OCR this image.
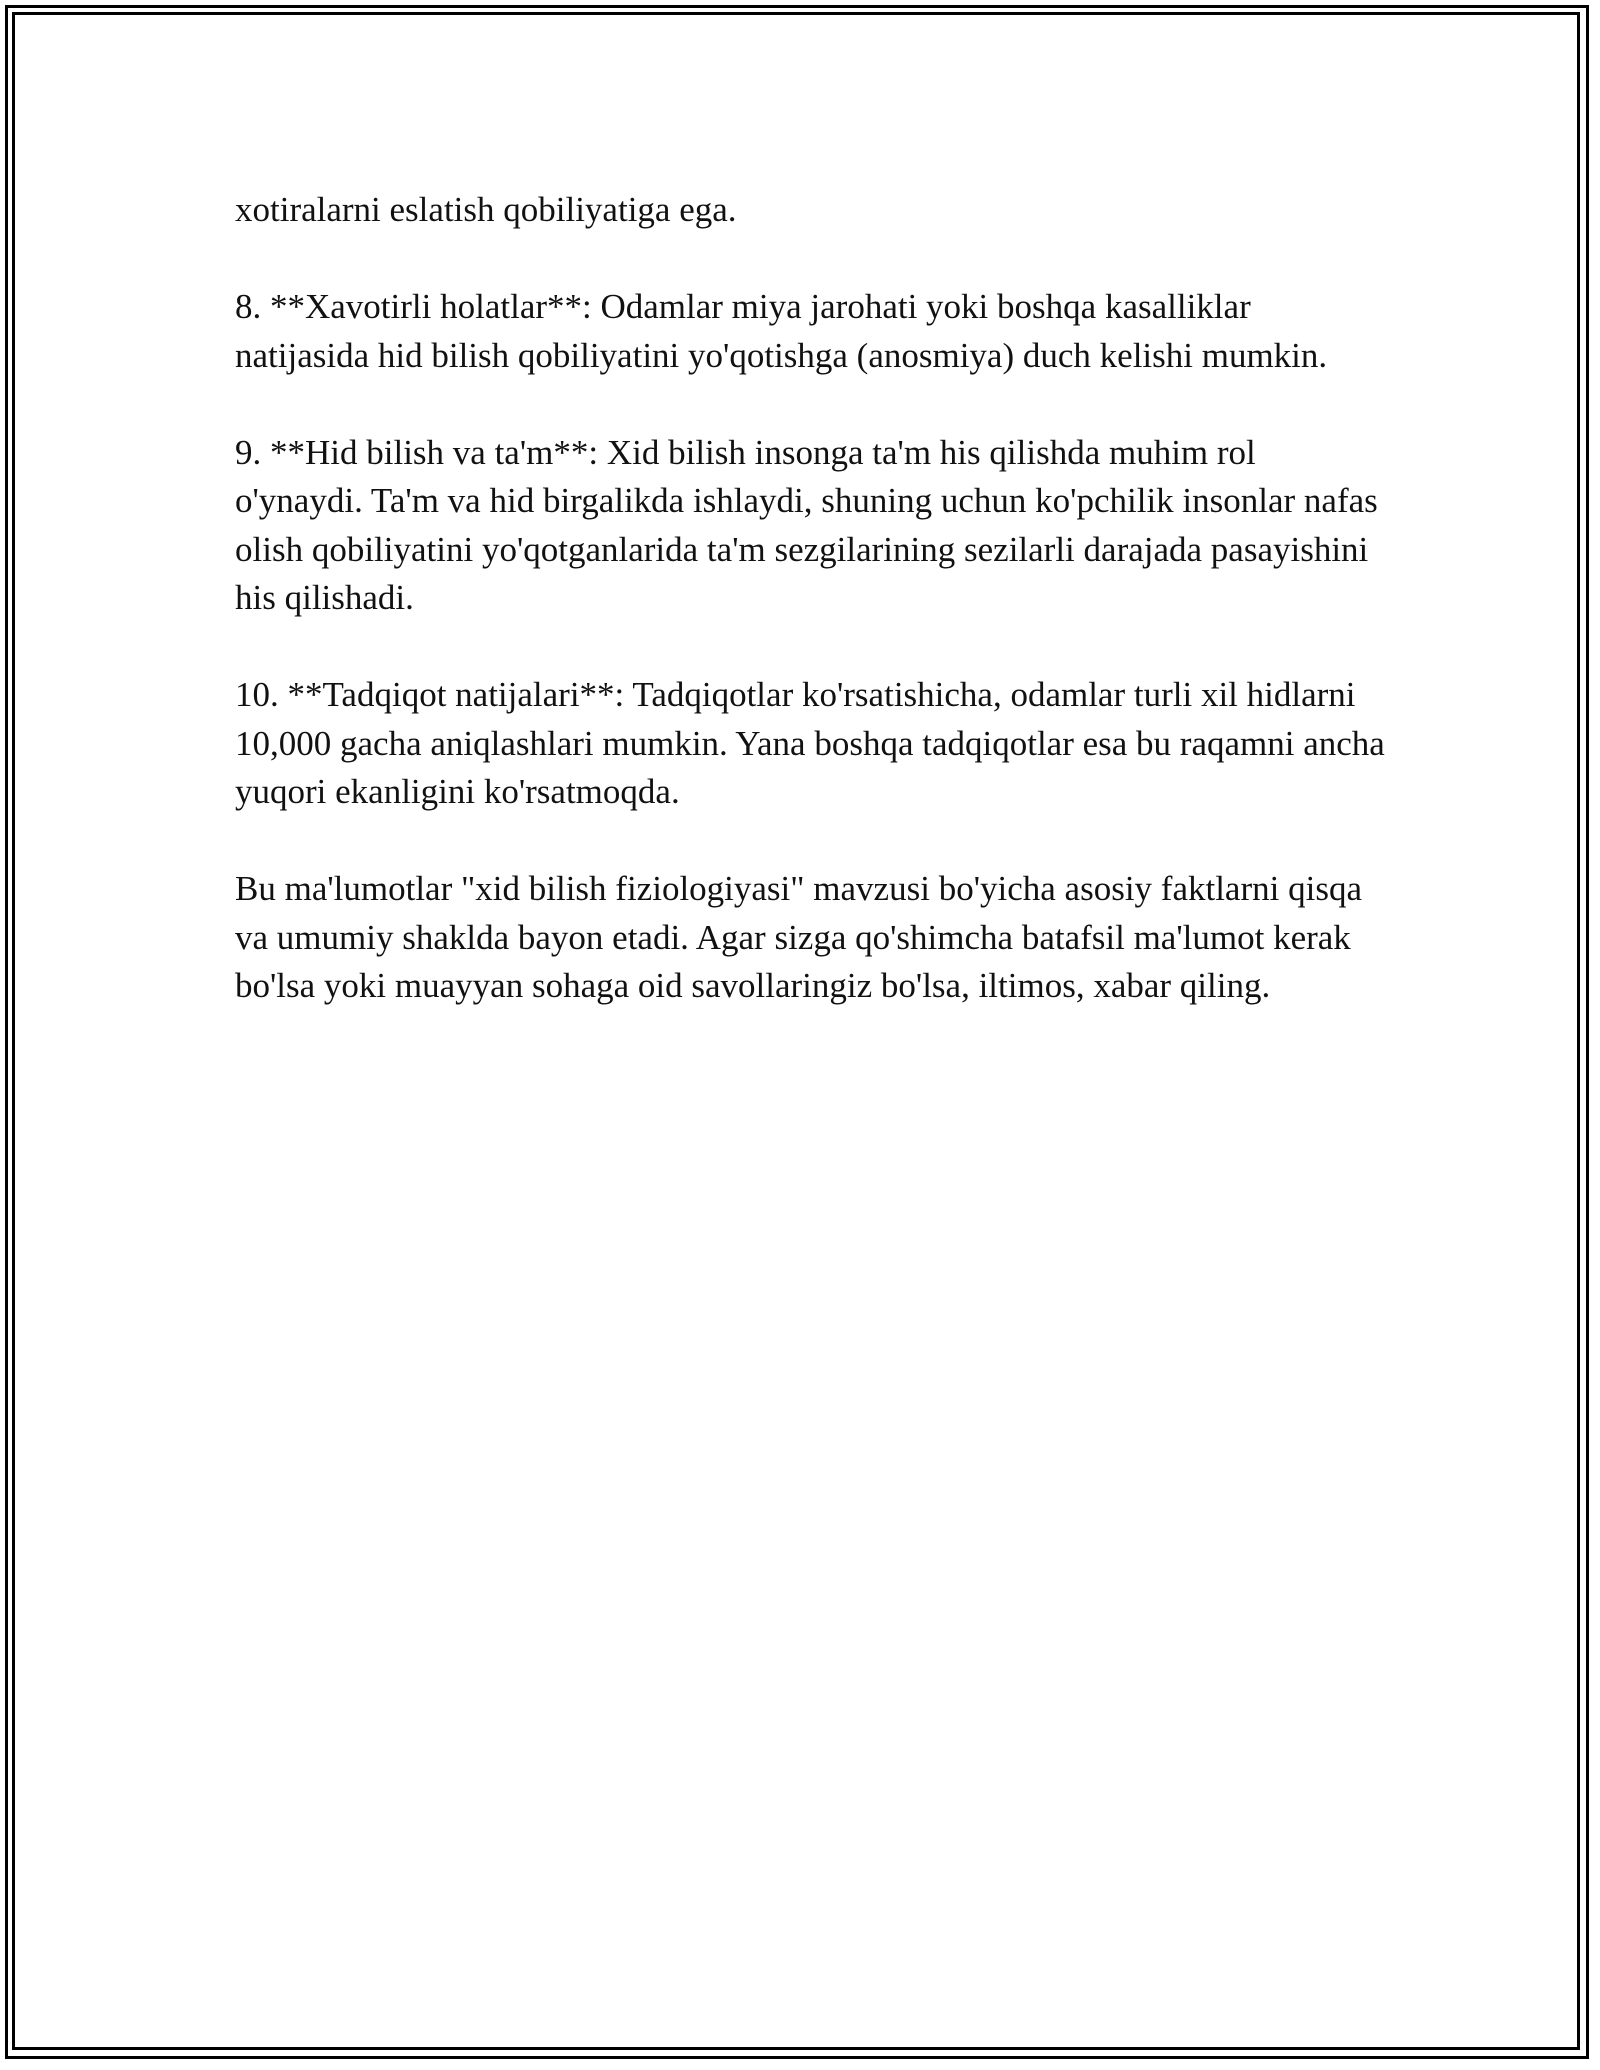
xotiralarni eslatish qobiliyatiga ega.

8. **Xavotirli holatlar**: Odamlar miya jarohati yoki boshqa kasalliklar natijasida hid bilish qobiliyatini yo'qotishga (anosmiya) duch kelishi mumkin.

9. **Hid bilish va ta'm**: Xid bilish insonga ta'm his qilishda muhim rol o'ynaydi. Ta'm va hid birgalikda ishlaydi, shuning uchun ko'pchilik insonlar nafas olish qobiliyatini yo'qotganlarida ta'm sezgilarining sezilarli darajada pasayishini his qilishadi.

10. **Tadqiqot natijalari**: Tadqiqotlar ko'rsatishicha, odamlar turli xil hidlarni 10,000 gacha aniqlashlari mumkin. Yana boshqa tadqiqotlar esa bu raqamni ancha yuqori ekanligini ko'rsatmoqda.

Bu ma'lumotlar "xid bilish fiziologiyasi" mavzusi bo'yicha asosiy faktlarni qisqa va umumiy shaklda bayon etadi. Agar sizga qo'shimcha batafsil ma'lumot kerak bo'lsa yoki muayyan sohaga oid savollaringiz bo'lsa, iltimos, xabar qiling.
